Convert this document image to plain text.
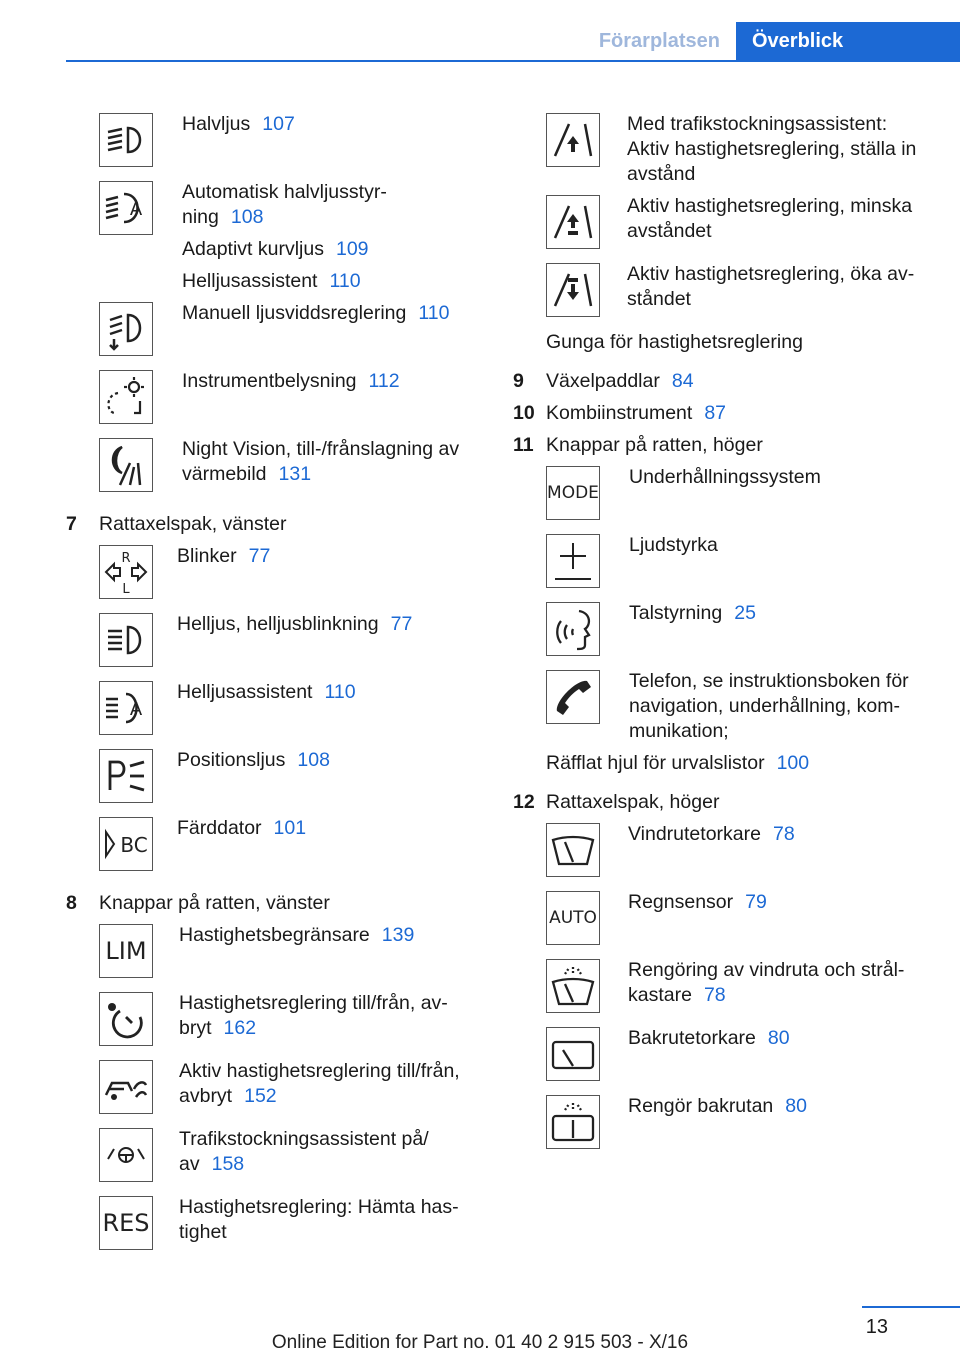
Förarplatsen	Överblick
Halvljus 107
A
Automatisk halvljusstyr-
ning 108
Adaptivt kurvljus 109
Helljusassistent 110
Manuell ljusviddsreglering 110
Instrumentbelysning 112
Night Vision, till-/frånslagning av
värmebild 131
7 Rattaxelspak, vänster
R
L
Blinker 77
Helljus, helljusblinkning 77
A
Helljusassistent 110
Positionsljus 108
BC
Färddator 101
8 Knappar på ratten, vänster
LIM
Hastighetsbegränsare 139
Hastighetsreglering till/från, av-
bryt 162
Aktiv hastighetsreglering till/från,
avbryt 152
Trafikstockningsassistent på/
av 158
RES
Hastighetsreglering: Hämta has-
tighet
Med trafikstockningsassistent:
Aktiv hastighetsreglering, ställa in
avstånd
Aktiv hastighetsreglering, minska
avståndet
Aktiv hastighetsreglering, öka av-
ståndet
Gunga för hastighetsreglering
9 Växelpaddlar 84
10 Kombiinstrument 87
11 Knappar på ratten, höger
MODE
Underhållningssystem
Ljudstyrka
Talstyrning 25
Telefon, se instruktionsboken för
navigation, underhållning, kom-
munikation;
Räfflat hjul för urvalslistor 100
12 Rattaxelspak, höger
Vindrutetorkare 78
AUTO
Regnsensor 79
Rengöring av vindruta och strål-
kastare 78
Bakrutetorkare 80
Rengör bakrutan 80
13
Online Edition for Part no. 01 40 2 915 503 - X/16
